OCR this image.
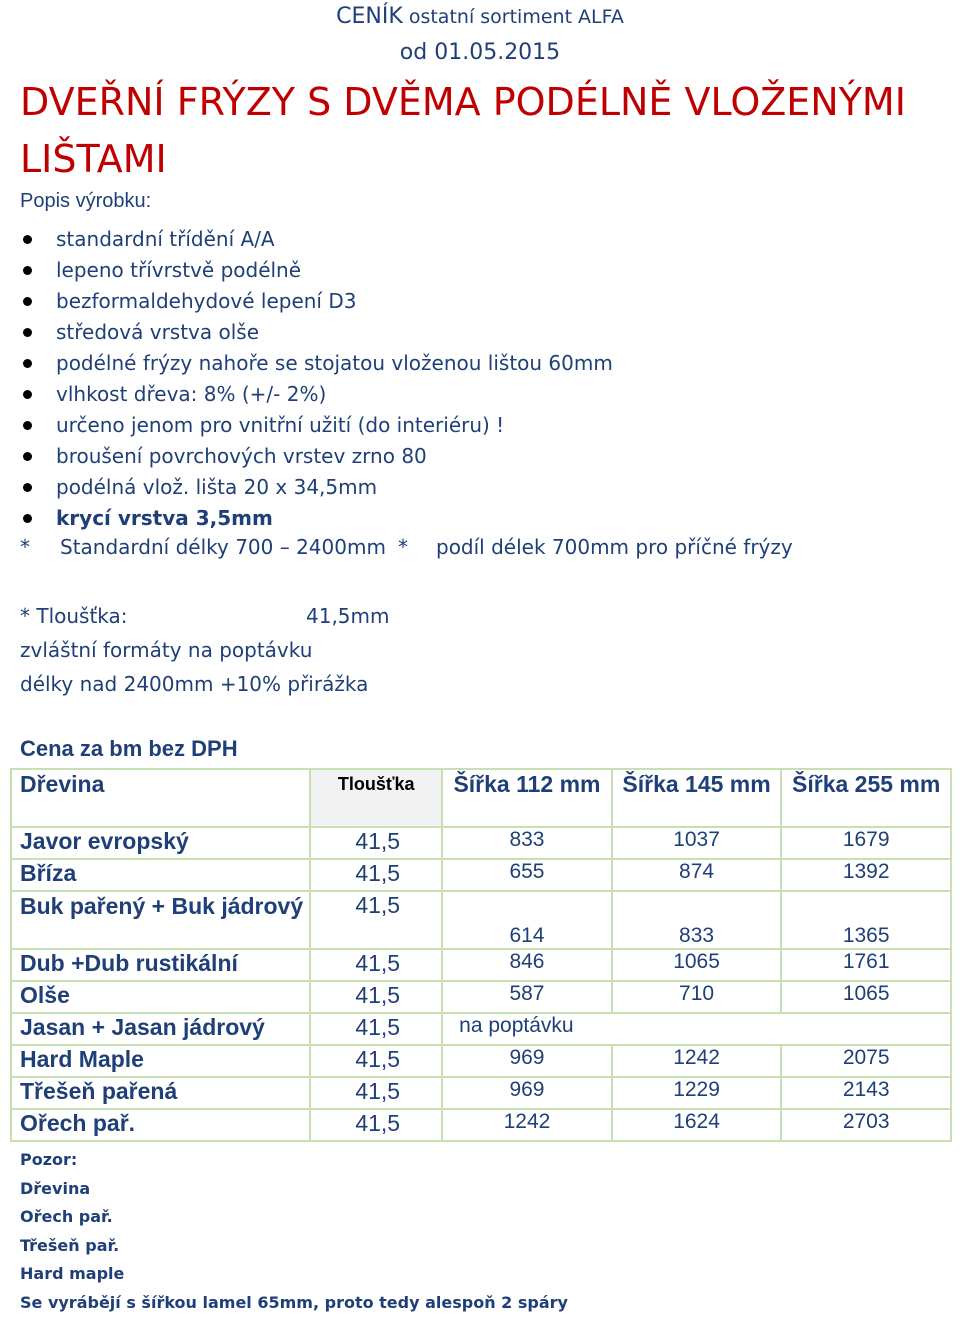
CENÍK ostatní sortiment ALFA
od 01.05.2015
DVEŘNÍ FRÝZY S DVĚMA PODÉLNĚ VLOŽENÝMI
LIŠTAMI
Popis výrobku:
standardní třídění A/A
lepeno třívrstvě podélně
bezformaldehydové lepení D3
středová vrstva olše
podélné frýzy nahoře se stojatou vloženou lištou 60mm
vlhkost dřeva: 8% (+/- 2%)
určeno jenom pro vnitřní užití (do interiéru) !
broušení povrchových vrstev zrno 80
podélná vlož. lišta 20 x 34,5mm
krycí vrstva 3,5mm
* Standardní délky 700 – 2400mm * podíl délek 700mm pro příčné frýzy
* Tloušťka:	41,5mm
zvláštní formáty na poptávku
délky nad 2400mm +10% přirážka
Cena za bm bez DPH
Dřevina	Tloušťka	Šířka 112 mm	Šířka 145 mm	Šířka 255 mm
Javor evropský	41,5	833	1037	1679
Bříza	41,5	655	874	1392
Buk pařený + Buk jádrový	41,5	614	833	1365
Dub +Dub rustikální	41,5	846	1065	1761
Olše	41,5	587	710	1065
Jasan + Jasan jádrový	41,5	na poptávku		
Hard Maple	41,5	969	1242	2075
Třešeň pařená	41,5	969	1229	2143
Ořech pař.	41,5	1242	1624	2703
Pozor:
Dřevina
Ořech pař.
Třešeň pař.
Hard maple
Se vyrábějí s šířkou lamel 65mm, proto tedy alespoň 2 spáry
